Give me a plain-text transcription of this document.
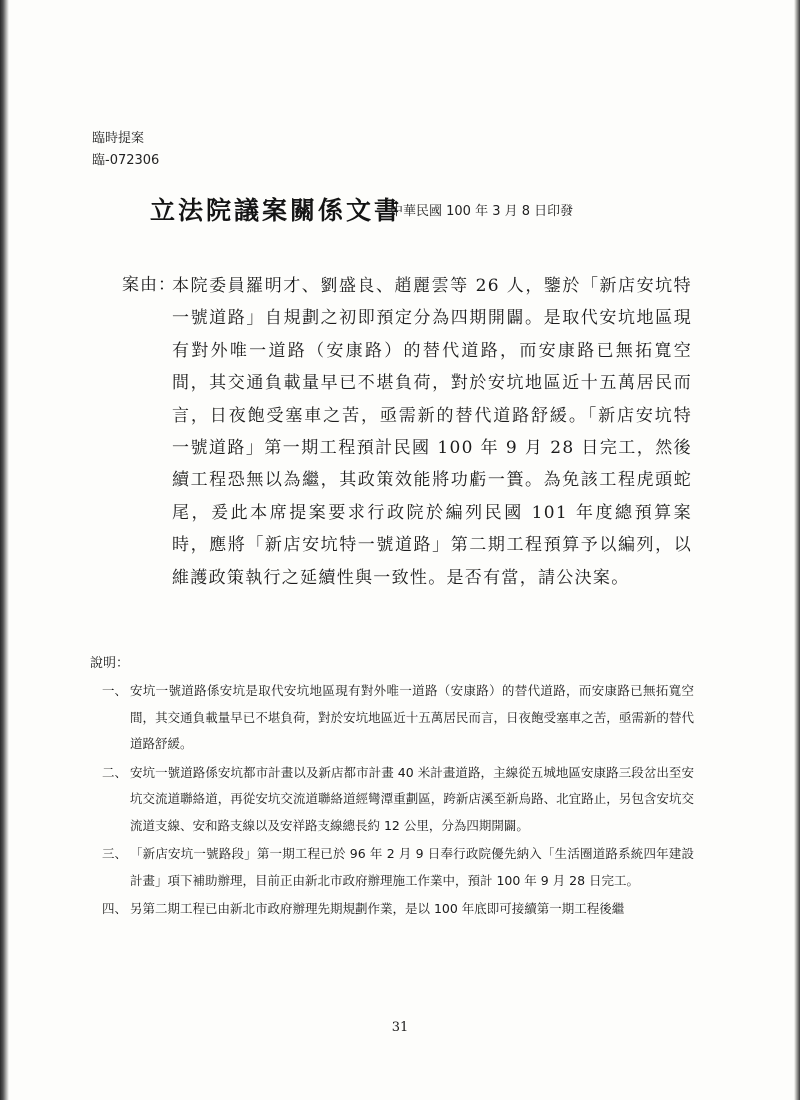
臨時提案
臨-072306
立法院議案關係文書
中華民國 100 年 3 月 8 日印發
案由：
本院委員羅明才、劉盛良、趙麗雲等 26 人，鑒於「新店安坑特一號道路」自規劃之初即預定分為四期開闢。是取代安坑地區現有對外唯一道路（安康路）的替代道路，而安康路已無拓寬空間，其交通負載量早已不堪負荷，對於安坑地區近十五萬居民而言，日夜飽受塞車之苦，亟需新的替代道路舒緩。「新店安坑特一號道路」第一期工程預計民國 100 年 9 月 28 日完工，然後續工程恐無以為繼，其政策效能將功虧一簣。為免該工程虎頭蛇尾，爰此本席提案要求行政院於編列民國 101 年度總預算案時，應將「新店安坑特一號道路」第二期工程預算予以編列，以維護政策執行之延續性與一致性。是否有當，請公決案。
說明：
一、 安坑一號道路係安坑是取代安坑地區現有對外唯一道路（安康路）的替代道路，而安康路已無拓寬空間，其交通負載量早已不堪負荷，對於安坑地區近十五萬居民而言，日夜飽受塞車之苦，亟需新的替代道路舒緩。
二、 安坑一號道路係安坑都市計畫以及新店都市計畫 40 米計畫道路，主線從五城地區安康路三段岔出至安坑交流道聯絡道，再從安坑交流道聯絡道經彎潭重劃區，跨新店溪至新烏路、北宜路止，另包含安坑交流道支線、安和路支線以及安祥路支線總長約 12 公里，分為四期開闢。
三、 「新店安坑一號路段」第一期工程已於 96 年 2 月 9 日奉行政院優先納入「生活圈道路系統四年建設計畫」項下補助辦理，目前正由新北市政府辦理施工作業中，預計 100 年 9 月 28 日完工。
四、 另第二期工程已由新北市政府辦理先期規劃作業，是以 100 年底即可接續第一期工程後繼
31
